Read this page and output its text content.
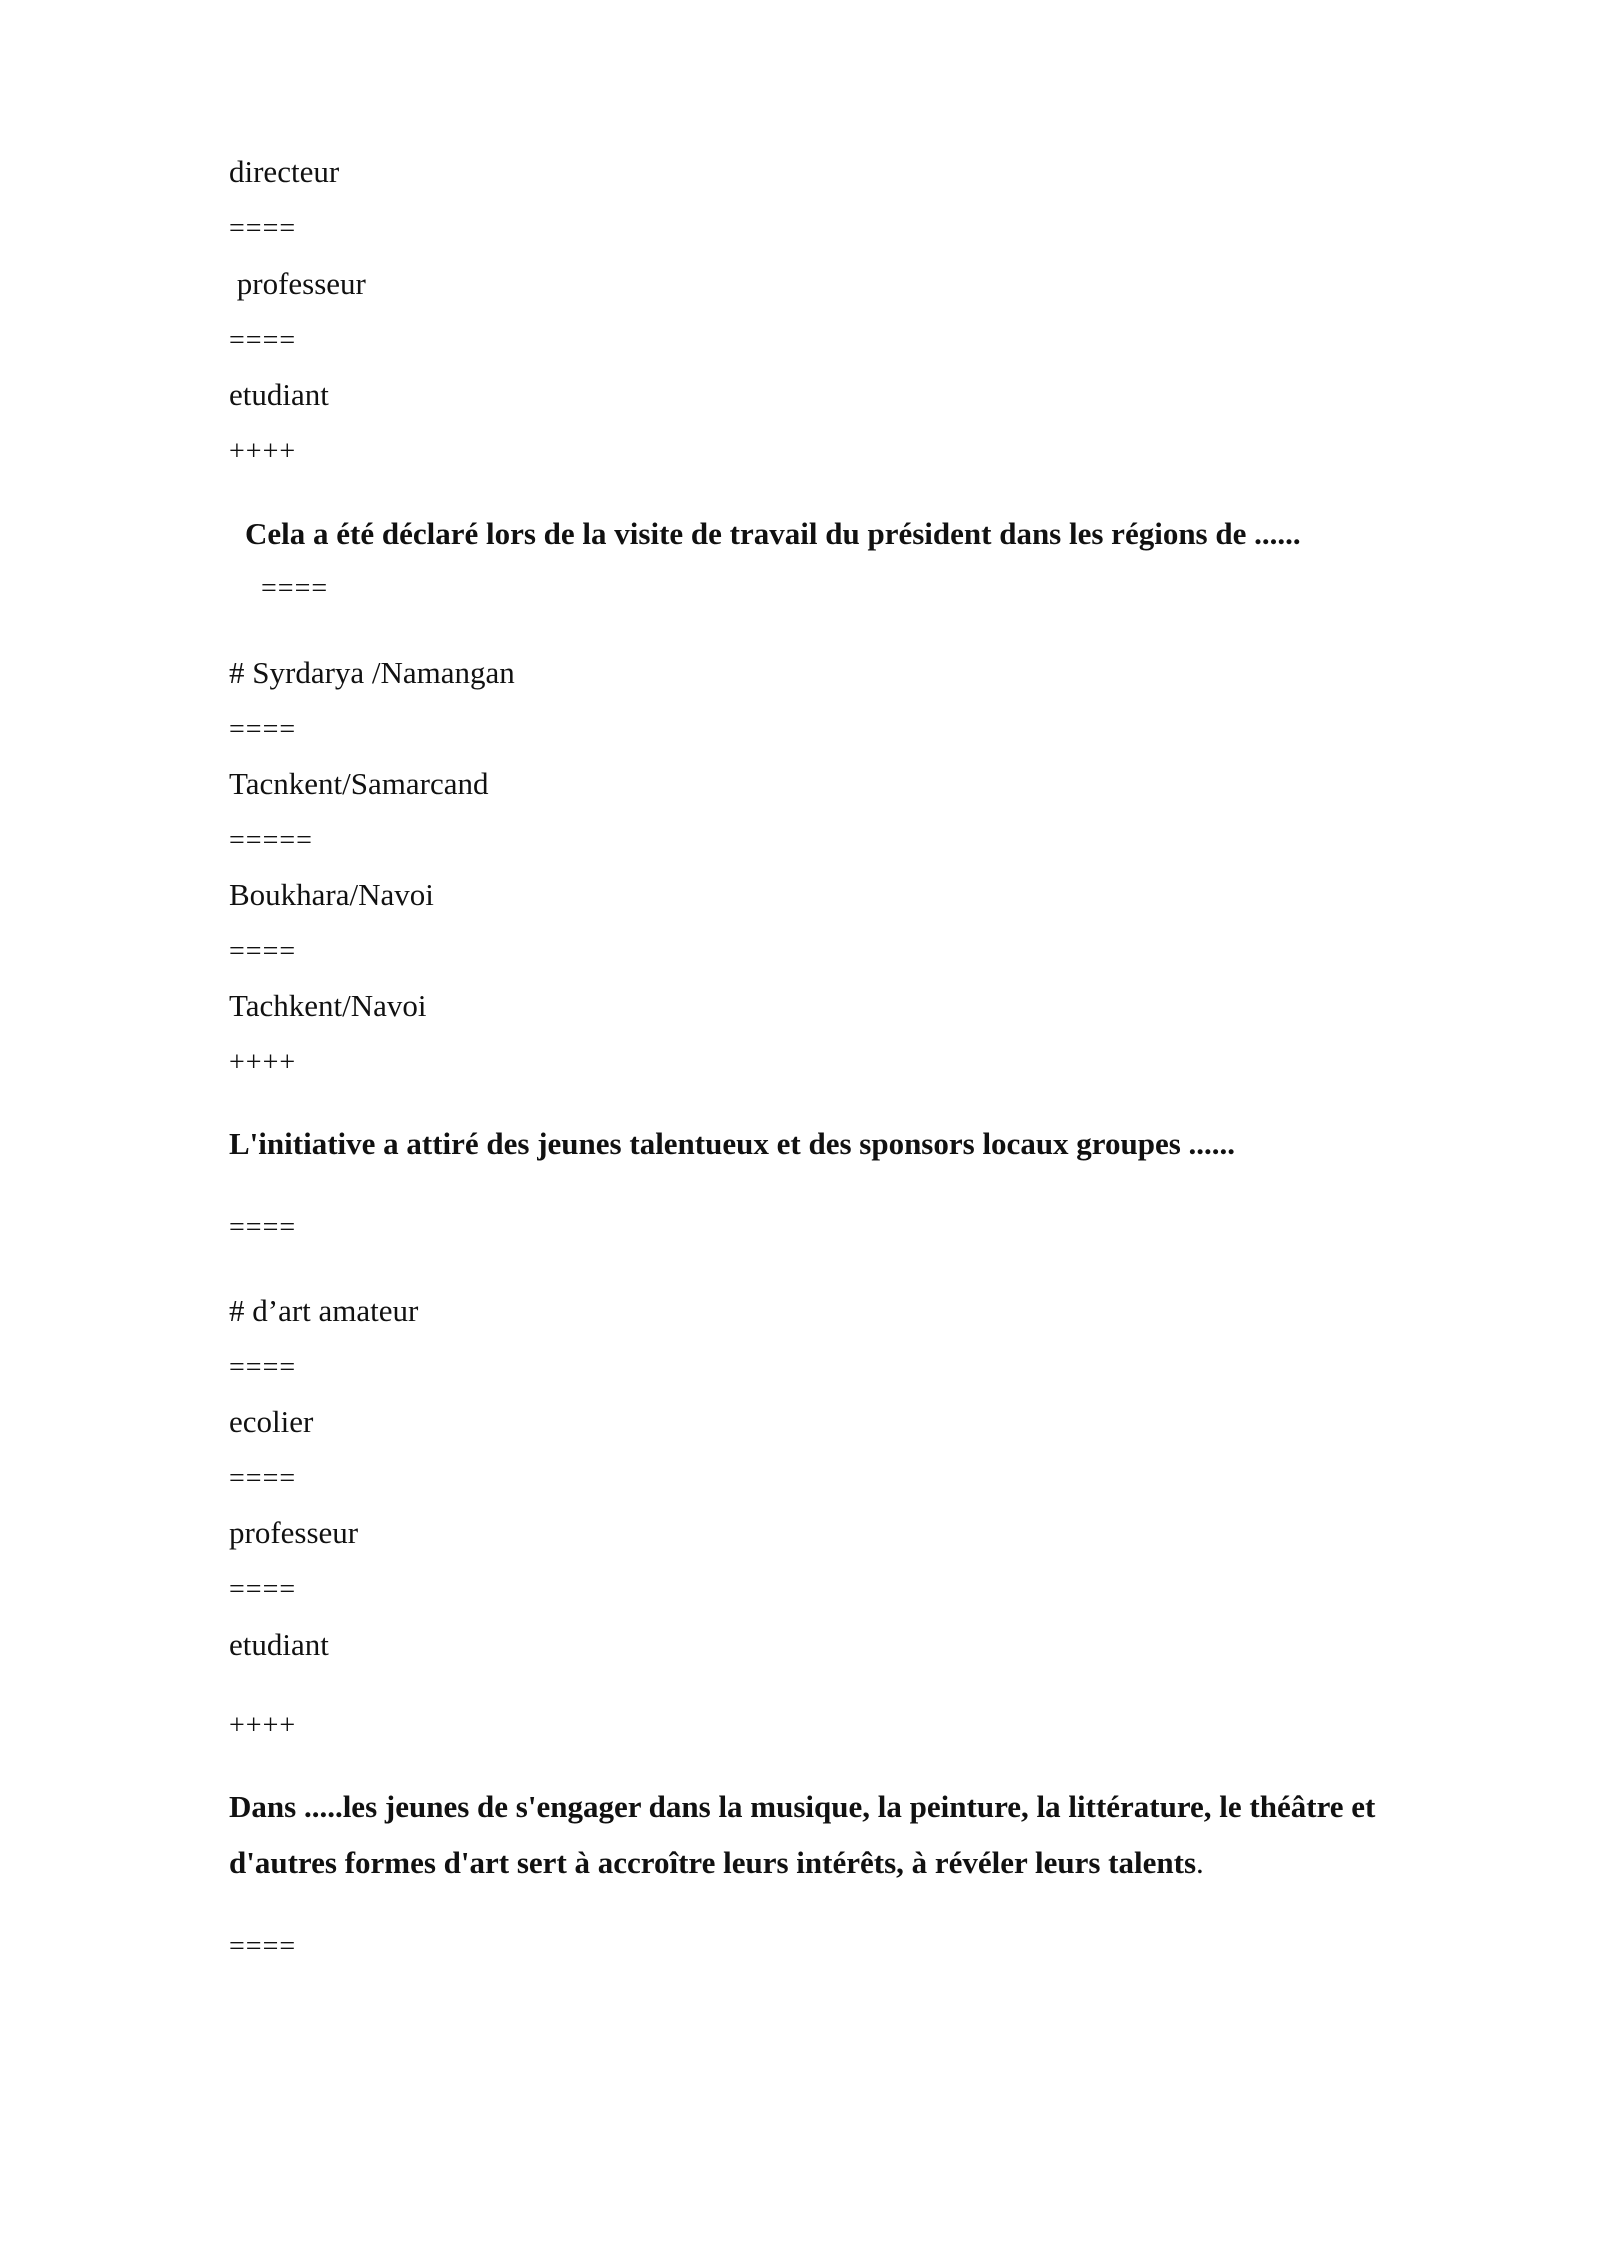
directeur
====
professeur
====
etudiant
++++
Cela a été déclaré lors de la visite de travail du président dans les régions de ......
====
# Syrdarya /Namangan
====
Tacnkent/Samarcand
=====
Boukhara/Navoi
====
Tachkent/Navoi
++++
L'initiative a attiré des jeunes talentueux et des sponsors locaux groupes ......
====
# d’art amateur
====
ecolier
====
professeur
====
etudiant
++++
Dans .....les jeunes de s'engager dans la musique, la peinture, la littérature, le théâtre et d'autres formes d'art sert à accroître leurs intérêts, à révéler leurs talents.
====
